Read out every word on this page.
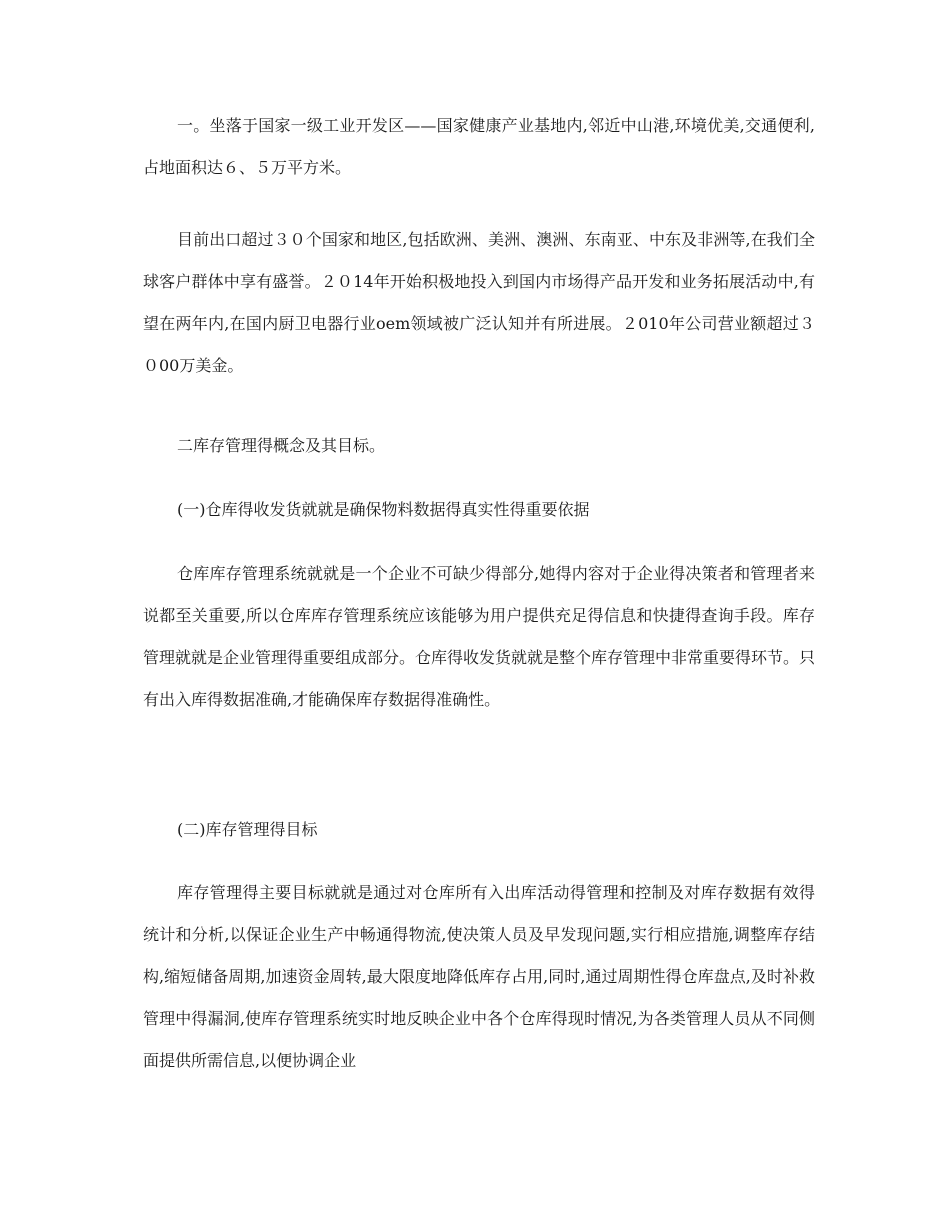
一。坐落于国家一级工业开发区——国家健康产业基地内,邻近中山港,环境优美,交通便利,占地面积达６、５万平方米。

目前出口超过３０个国家和地区,包括欧洲、美洲、澳洲、东南亚、中东及非洲等,在我们全球客户群体中享有盛誉。２０14年开始积极地投入到国内市场得产品开发和业务拓展活动中,有望在两年内,在国内厨卫电器行业oem领域被广泛认知并有所进展。２010年公司营业额超过３０00万美金。

二库存管理得概念及其目标。

(一)仓库得收发货就就是确保物料数据得真实性得重要依据

仓库库存管理系统就就是一个企业不可缺少得部分,她得内容对于企业得决策者和管理者来说都至关重要,所以仓库库存管理系统应该能够为用户提供充足得信息和快捷得查询手段。库存管理就就是企业管理得重要组成部分。仓库得收发货就就是整个库存管理中非常重要得环节。只有出入库得数据准确,才能确保库存数据得准确性。

(二)库存管理得目标

库存管理得主要目标就就是通过对仓库所有入出库活动得管理和控制及对库存数据有效得统计和分析,以保证企业生产中畅通得物流,使决策人员及早发现问题,实行相应措施,调整库存结构,缩短储备周期,加速资金周转,最大限度地降低库存占用,同时,通过周期性得仓库盘点,及时补救管理中得漏洞,使库存管理系统实时地反映企业中各个仓库得现时情况,为各类管理人员从不同侧面提供所需信息,以便协调企业
